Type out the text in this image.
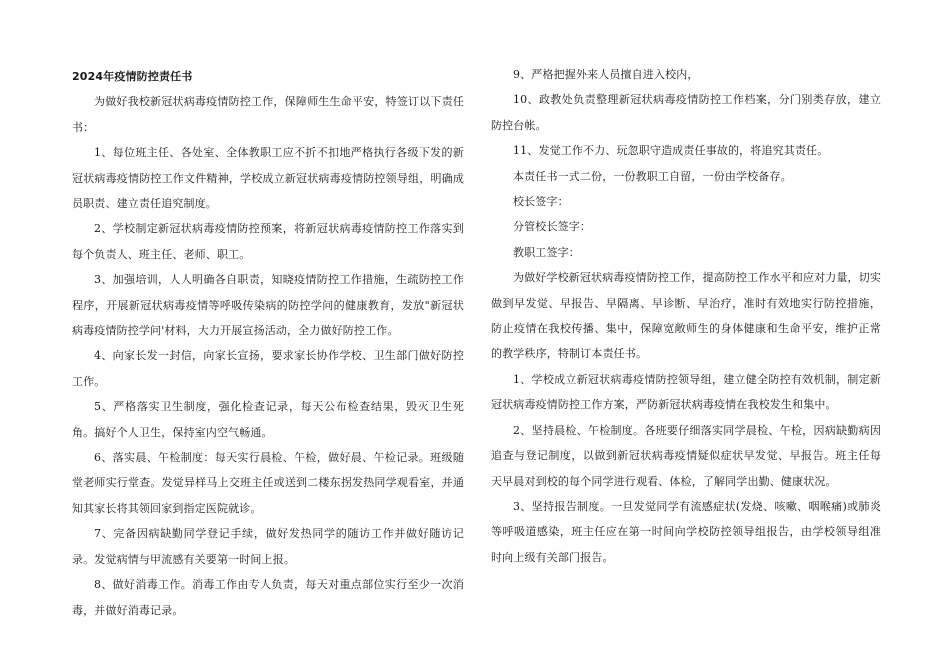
2024年疫情防控责任书

为做好我校新冠状病毒疫情防控工作，保障师生生命平安，特签订以下责任书：

1、每位班主任、各处室、全体教职工应不折不扣地严格执行各级下发的新冠状病毒疫情防控工作文件精神，学校成立新冠状病毒疫情防控领导组，明确成员职责、建立责任追究制度。

2、学校制定新冠状病毒疫情防控预案，将新冠状病毒疫情防控工作落实到每个负责人、班主任、老师、职工。

3、加强培训，人人明确各自职责，知晓疫情防控工作措施，生疏防控工作程序，开展新冠状病毒疫情等呼吸传染病的防控学问的健康教育，发放"新冠状病毒疫情防控学问'材料，大力开展宣扬活动，全力做好防控工作。

4、向家长发一封信，向家长宣扬，要求家长协作学校、卫生部门做好防控工作。

5、严格落实卫生制度，强化检查记录，每天公布检查结果，毁灭卫生死角。搞好个人卫生，保持室内空气畅通。

6、落实晨、午检制度：每天实行晨检、午检，做好晨、午检记录。班级随堂老师实行堂查。发觉异样马上交班主任或送到二楼东拐发热同学观看室，并通知其家长将其领回家到指定医院就诊。

7、完备因病缺勤同学登记手续，做好发热同学的随访工作并做好随访记录。发觉病情与甲流感有关要第一时间上报。

8、做好消毒工作。消毒工作由专人负责，每天对重点部位实行至少一次消毒，并做好消毒记录。

9、严格把握外来人员擅自进入校内，

10、政教处负责整理新冠状病毒疫情防控工作档案，分门别类存放，建立防控台帐。

11、发觉工作不力、玩忽职守造成责任事故的，将追究其责任。

本责任书一式二份，一份教职工自留，一份由学校备存。

校长签字：

分管校长签字：

教职工签字：

为做好学校新冠状病毒疫情防控工作，提高防控工作水平和应对力量，切实做到早发觉、早报告、早隔离、早诊断、早治疗，准时有效地实行防控措施，防止疫情在我校传播、集中，保障宽敞师生的身体健康和生命平安，维护正常的教学秩序，特制订本责任书。

1、学校成立新冠状病毒疫情防控领导组，建立健全防控有效机制，制定新冠状病毒疫情防控工作方案，严防新冠状病毒疫情在我校发生和集中。

2、坚持晨检、午检制度。各班要仔细落实同学晨检、午检，因病缺勤病因追查与登记制度，以做到新冠状病毒疫情疑似症状早发觉、早报告。班主任每天早晨对到校的每个同学进行观看、体检，了解同学出勤、健康状况。

3、坚持报告制度。一旦发觉同学有流感症状(发烧、咳嗽、咽喉痛)或肺炎等呼吸道感染，班主任应在第一时间向学校防控领导组报告，由学校领导组准时向上级有关部门报告。
